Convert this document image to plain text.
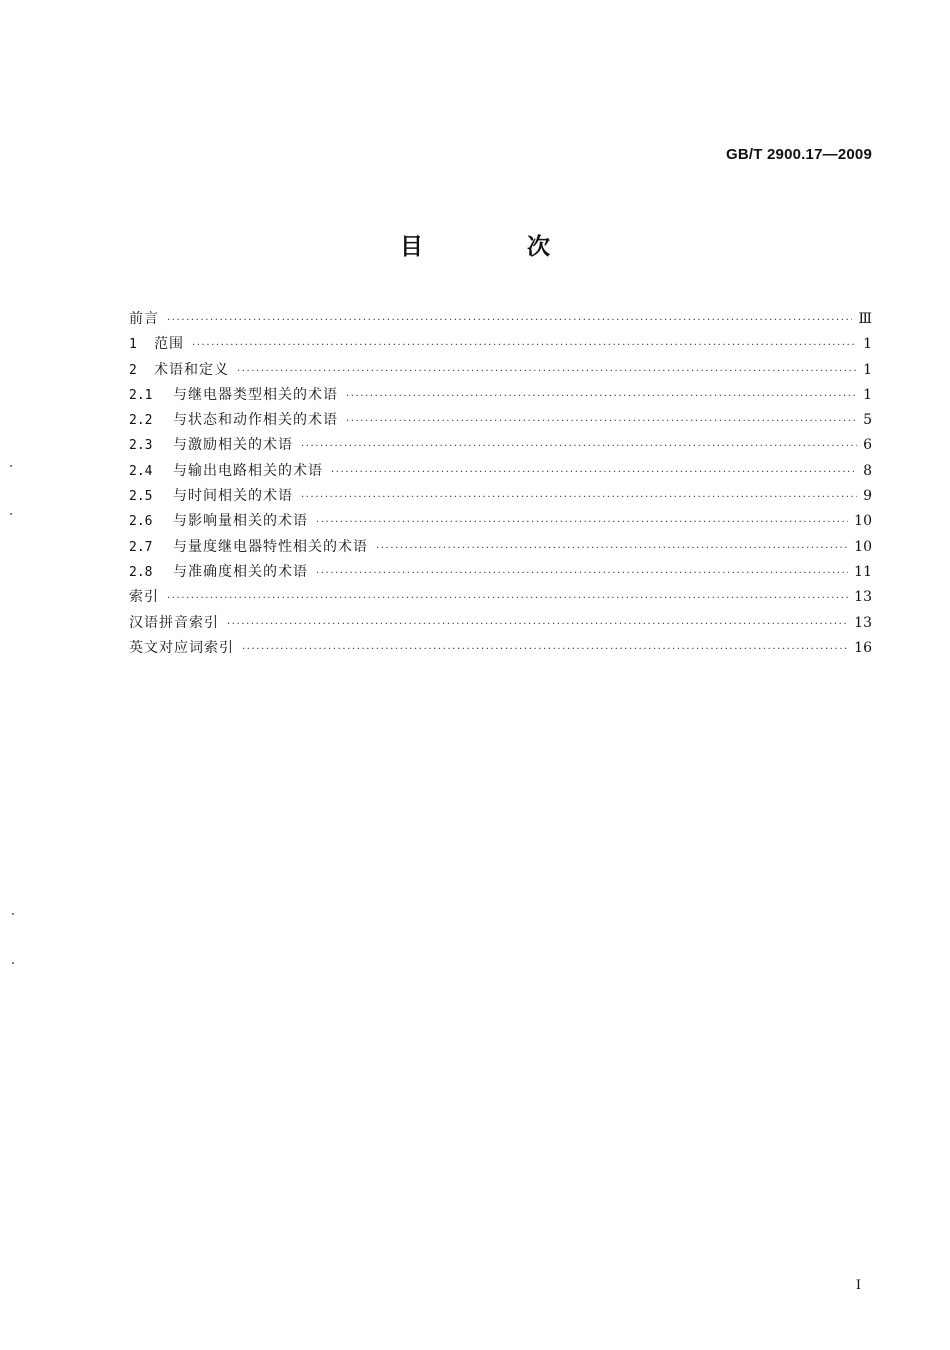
GB/T 2900.17—2009
目 次
前言 ·····	Ⅲ
1	范围 ·····	1
2	术语和定义 ·····	1
2.1	与继电器类型相关的术语 ·····	1
2.2	与状态和动作相关的术语 ·····	5
2.3	与激励相关的术语 ·····	6
2.4	与输出电路相关的术语 ·····	8
2.5	与时间相关的术语 ·····	9
2.6	与影响量相关的术语 ·····	10
2.7	与量度继电器特性相关的术语 ·····	10
2.8	与准确度相关的术语 ·····	11
索引 ·····	13
汉语拼音索引 ·····	13
英文对应词索引 ·····	16
I
